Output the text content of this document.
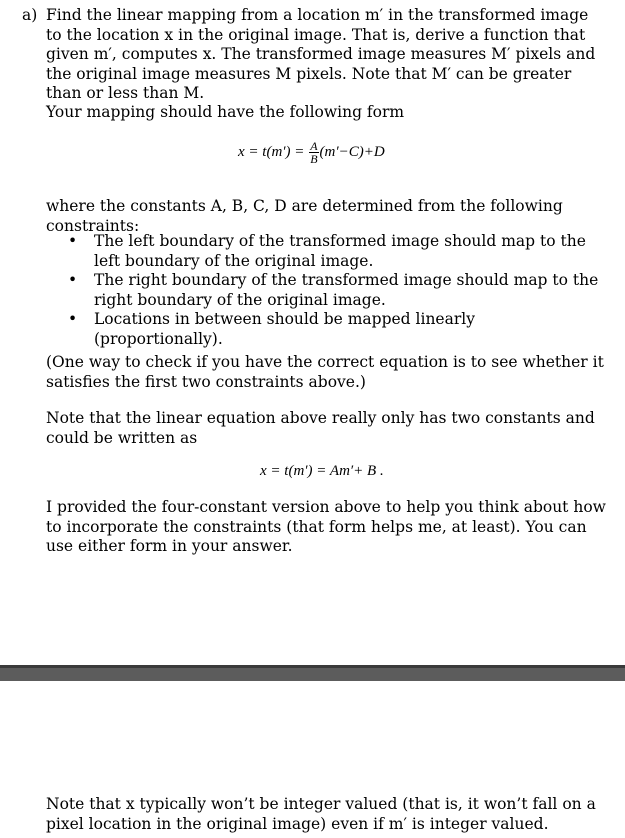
a) Find the linear mapping from a location m′ in the transformed image to the location x in the original image. That is, derive a function that given m′, computes x. The transformed image measures M′ pixels and the original image measures M pixels. Note that M′ can be greater than or less than M.

Your mapping should have the following form

$x = t(m') = \frac{A}{B} (m'-C)+D$

where the constants A, B, C, D are determined from the following constraints:

• The left boundary of the transformed image should map to the left boundary of the original image.
• The right boundary of the transformed image should map to the right boundary of the original image.
• Locations in between should be mapped linearly (proportionally).

(One way to check if you have the correct equation is to see whether it satisfies the first two constraints above.)

Note that the linear equation above really only has two constants and could be written as

x = t(m′) = Am′+ B .

I provided the four-constant version above to help you think about how to incorporate the constraints (that form helps me, at least). You can use either form in your answer.

Note that x typically won’t be integer valued (that is, it won’t fall on a pixel location in the original image) even if m′ is integer valued.
